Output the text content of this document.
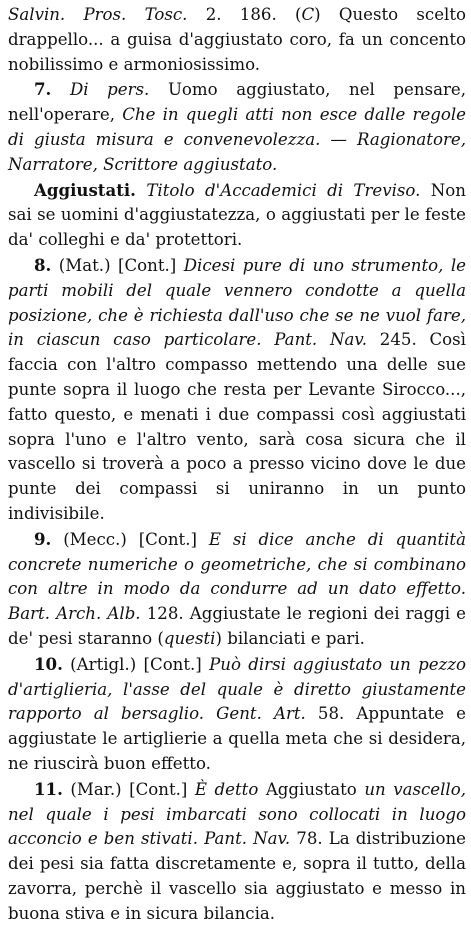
Salvin. Pros. Tosc. 2. 186. (C) Questo scelto drappello... a guisa d'aggiustato coro, fa un concento nobilissimo e armoniosissimo.

7. Di pers. Uomo aggiustato, nel pensare, nell'operare, Che in quegli atti non esce dalle regole di giusta misura e convenevolezza. — Ragionatore, Narratore, Scrittore aggiustato.

Aggiustati. Titolo d'Accademici di Treviso. Non sai se uomini d'aggiustatezza, o aggiustati per le feste da' colleghi e da' protettori.

8. (Mat.) [Cont.] Dicesi pure di uno strumento, le parti mobili del quale vennero condotte a quella posizione, che è richiesta dall'uso che se ne vuol fare, in ciascun caso particolare. Pant. Nav. 245. Così faccia con l'altro compasso mettendo una delle sue punte sopra il luogo che resta per Levante Sirocco..., fatto questo, e menati i due compassi così aggiustati sopra l'uno e l'altro vento, sarà cosa sicura che il vascello si troverà a poco a presso vicino dove le due punte dei compassi si uniranno in un punto indivisibile.

9. (Mecc.) [Cont.] E si dice anche di quantità concrete numeriche o geometriche, che si combinano con altre in modo da condurre ad un dato effetto. Bart. Arch. Alb. 128. Aggiustate le regioni dei raggi e de' pesi staranno (questi) bilanciati e pari.

10. (Artigl.) [Cont.] Può dirsi aggiustato un pezzo d'artiglieria, l'asse del quale è diretto giustamente rapporto al bersaglio. Gent. Art. 58. Appuntate e aggiustate le artiglierie a quella meta che si desidera, ne riuscirà buon effetto.

11. (Mar.) [Cont.] È detto Aggiustato un vascello, nel quale i pesi imbarcati sono collocati in luogo acconcio e ben stivati. Pant. Nav. 78. La distribuzione dei pesi sia fatta discretamente e, sopra il tutto, della zavorra, perchè il vascello sia aggiustato e messo in buona stiva e in sicura bilancia.
